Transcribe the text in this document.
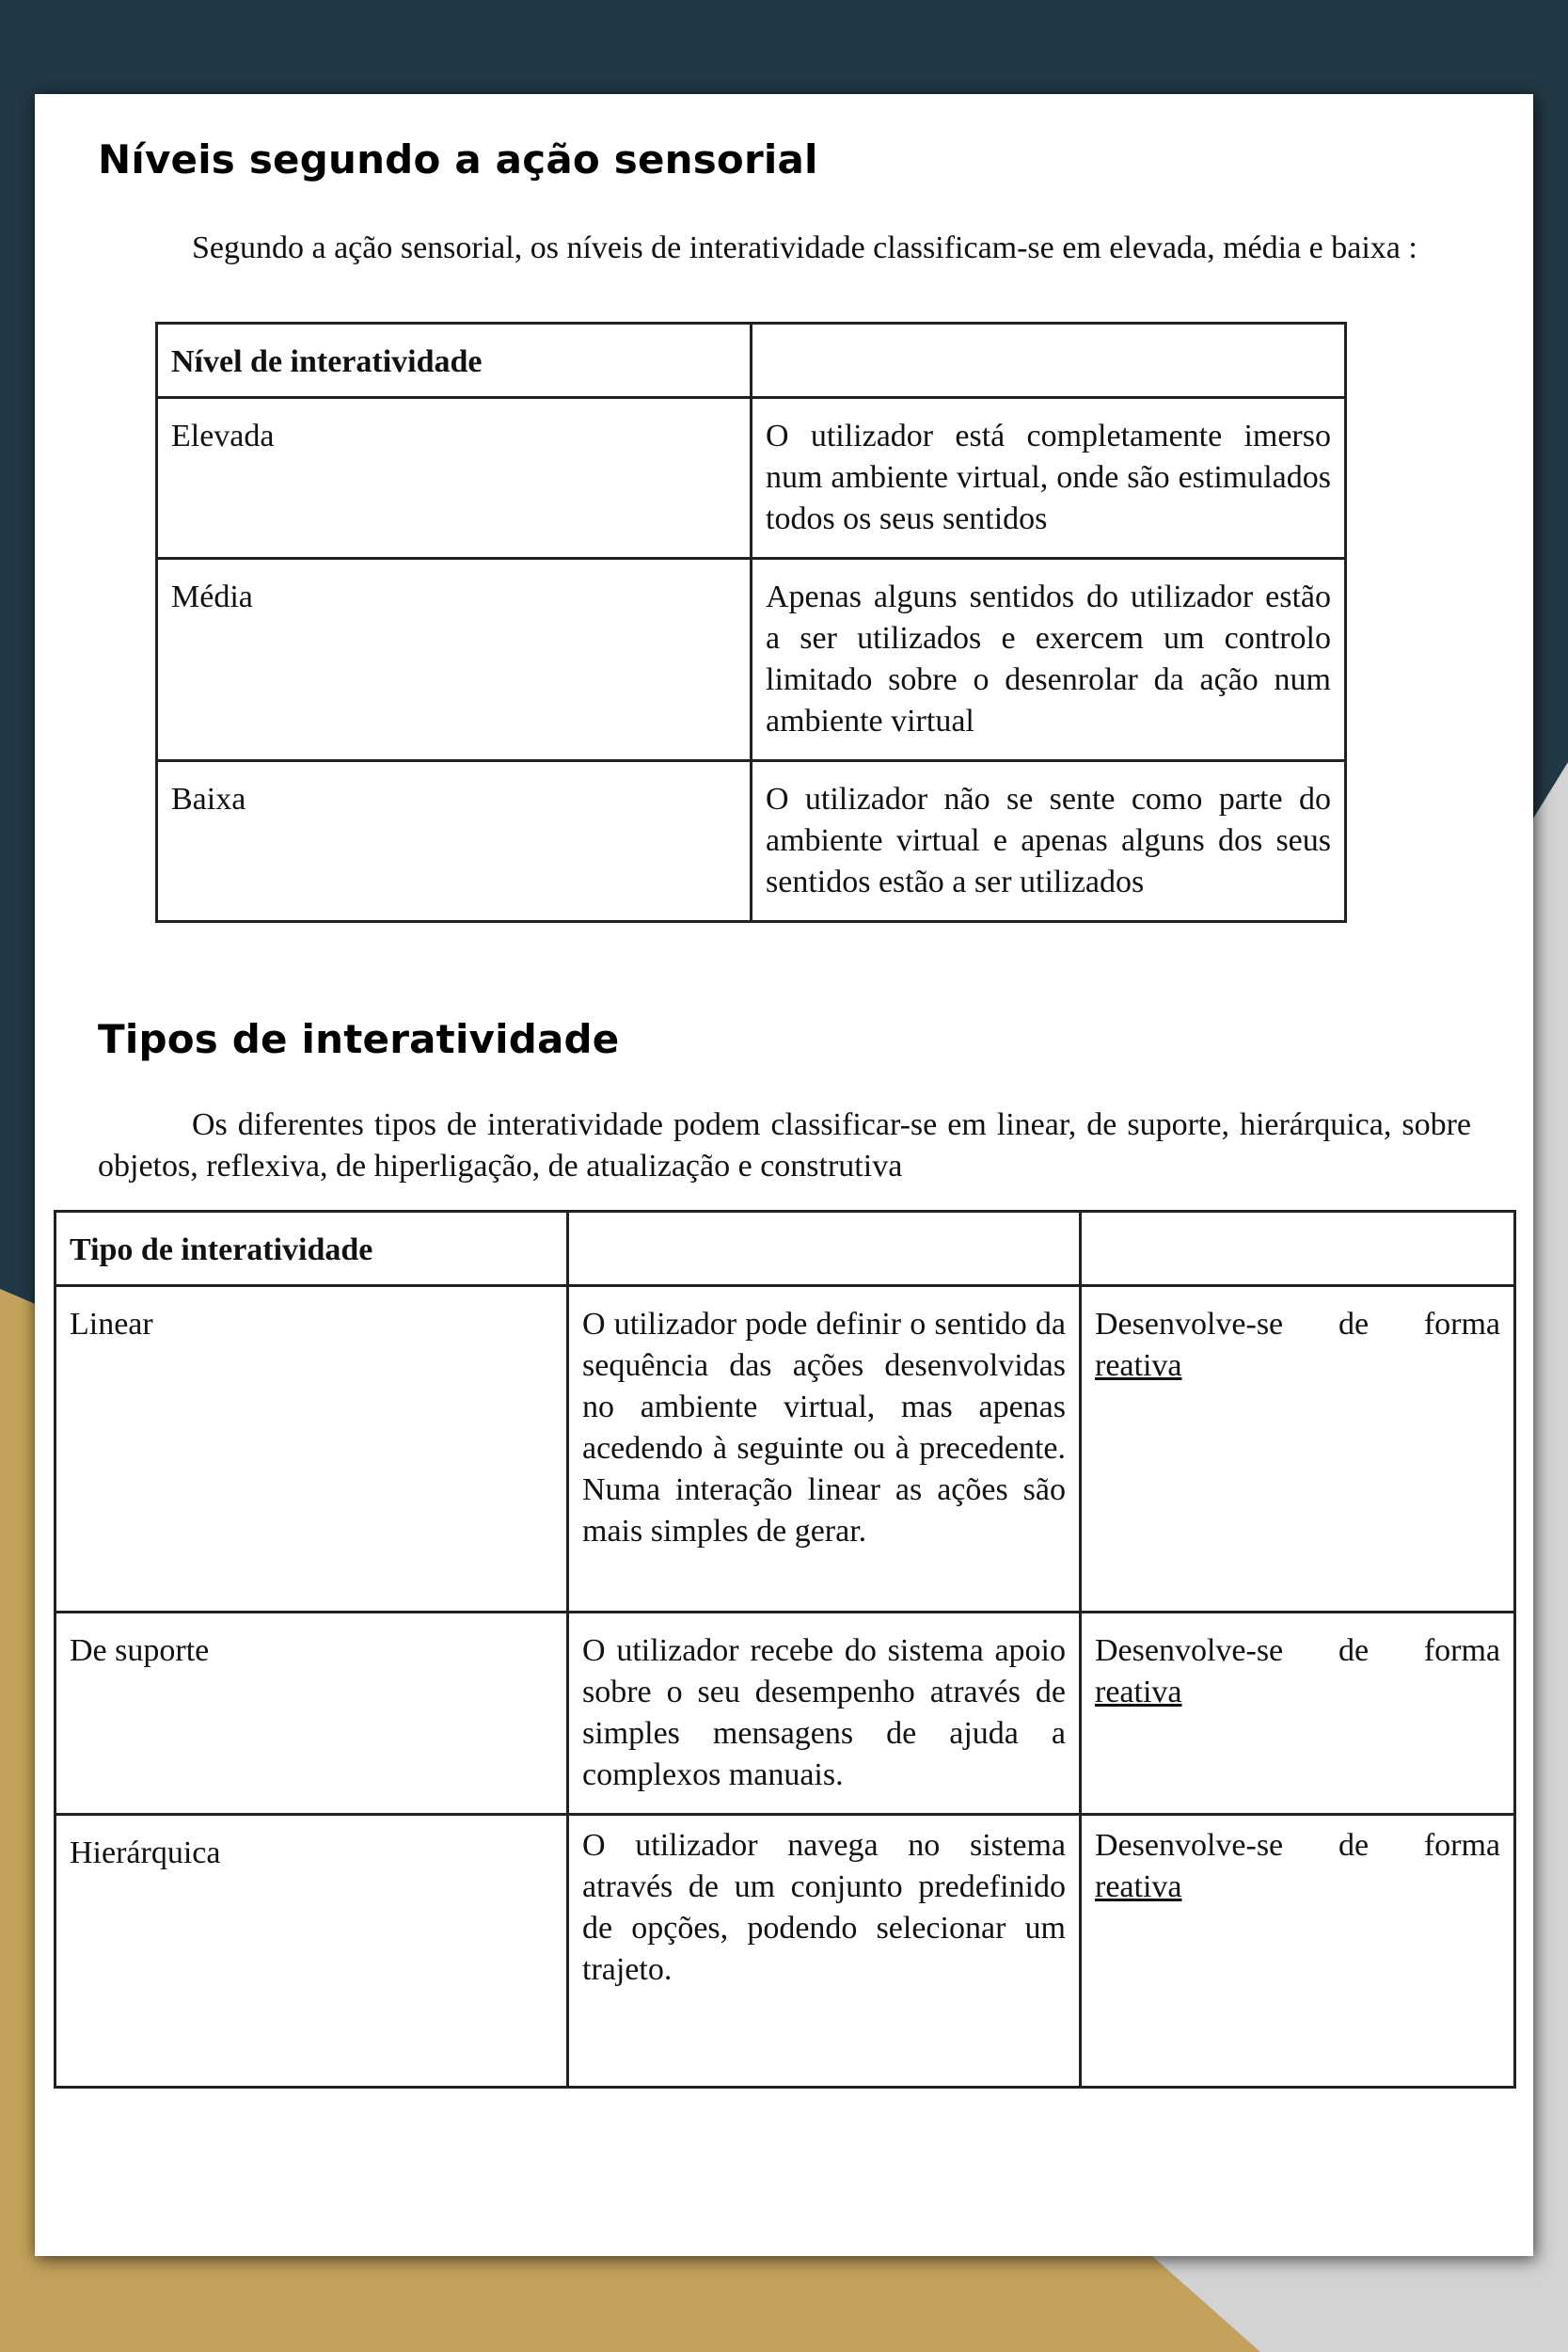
Níveis segundo a ação sensorial

Segundo a ação sensorial, os níveis de interatividade classificam-se em elevada, média e baixa :

Nível de interatividade	
Elevada	O utilizador está completamente imerso num ambiente virtual, onde são estimulados todos os seus sentidos
Média	Apenas alguns sentidos do utilizador estão a ser utilizados e exercem um controlo limitado sobre o desenrolar da ação num ambiente virtual
Baixa	O utilizador não se sente como parte do ambiente virtual e apenas alguns dos seus sentidos estão a ser utilizados
Tipos de interatividade

Os diferentes tipos de interatividade podem classificar-se em linear, de suporte, hierárquica, sobre objetos, reflexiva, de hiperligação, de atualização e construtiva

Tipo de interatividade		
Linear	O utilizador pode definir o sentido da sequência das ações desenvolvidas no ambiente virtual, mas apenas acedendo à seguinte ou à precedente. Numa interação linear as ações são mais simples de gerar.	Desenvolve-se de forma
reativa

De suporte	O utilizador recebe do sistema apoio sobre o seu desempenho através de simples mensagens de ajuda a complexos manuais.	Desenvolve-se de forma
reativa

Hierárquica	O utilizador navega no sistema através de um conjunto predefinido de opções, podendo selecionar um trajeto.	Desenvolve-se de forma
reativa
